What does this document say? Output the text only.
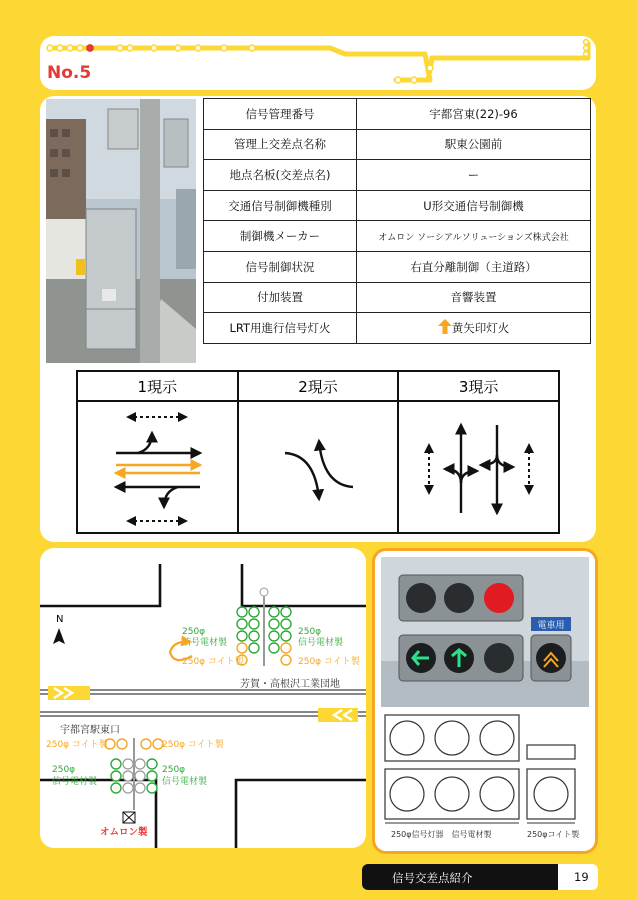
No.5

信号管理番号	宇都宮東(22)-96
管理上交差点名称	駅東公園前
地点名板(交差点名)	ー
交通信号制御機種別	U形交通信号制御機
制御機メーカー	オムロン ソーシアルソリューションズ株式会社
信号制御状況	右直分離制御（主道路）
付加装置	音響装置
LRT用進行信号灯火	黄矢印灯火
1現示	2現示	3現示

芳賀・高根沢工業団地
宇都宮駅東口
N
250φ
信号電材製
250φ
信号電材製
250φ コイト製	250φ コイト製
250φ コイト製	250φ コイト製
250φ
信号電材製
250φ
信号電材製
オムロン製
電車用
250φ信号灯器　信号電材製	250φコイト製
信号交差点紹介	19
